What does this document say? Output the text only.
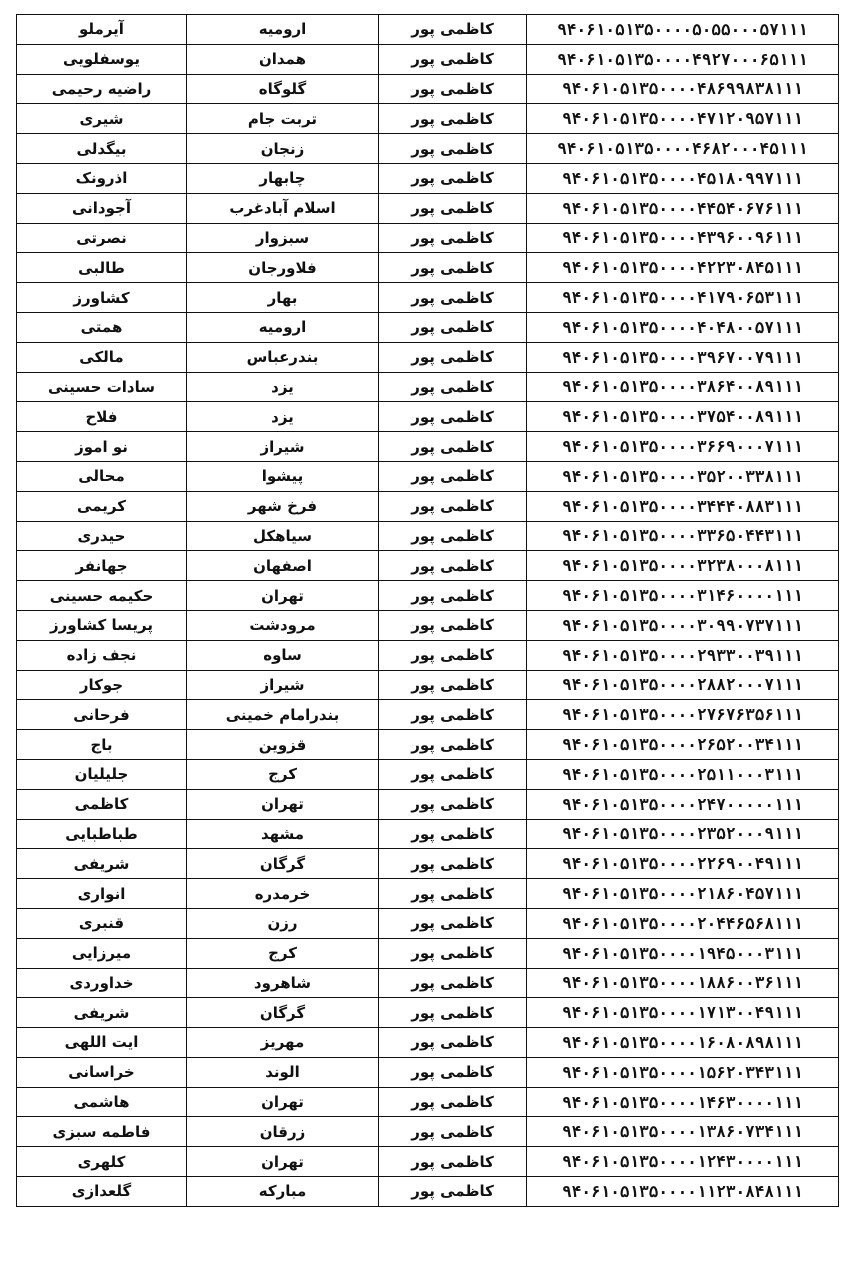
آیرملو	ارومیه	کاظمی پور	۹۴۰۶۱۰۵۱۳۵۰۰۰۰۵۰۵۵۰۰۰۵۷۱۱۱
یوسفلویی	همدان	کاظمی پور	۹۴۰۶۱۰۵۱۳۵۰۰۰۰۴۹۲۷۰۰۰۶۵۱۱۱
راضیه رحیمی	گلوگاه	کاظمی پور	۹۴۰۶۱۰۵۱۳۵۰۰۰۰۴۸۶۹۹۸۳۸۱۱۱
شیری	تربت جام	کاظمی پور	۹۴۰۶۱۰۵۱۳۵۰۰۰۰۴۷۱۲۰۹۵۷۱۱۱
بیگدلی	زنجان	کاظمی پور	۹۴۰۶۱۰۵۱۳۵۰۰۰۰۴۶۸۲۰۰۰۴۵۱۱۱
اذرونک	چابهار	کاظمی پور	۹۴۰۶۱۰۵۱۳۵۰۰۰۰۴۵۱۸۰۹۹۷۱۱۱
آجودانی	اسلام آبادغرب	کاظمی پور	۹۴۰۶۱۰۵۱۳۵۰۰۰۰۴۴۵۴۰۶۷۶۱۱۱
نصرتی	سبزوار	کاظمی پور	۹۴۰۶۱۰۵۱۳۵۰۰۰۰۴۳۹۶۰۰۹۶۱۱۱
طالبی	فلاورجان	کاظمی پور	۹۴۰۶۱۰۵۱۳۵۰۰۰۰۴۲۲۳۰۸۴۵۱۱۱
کشاورز	بهار	کاظمی پور	۹۴۰۶۱۰۵۱۳۵۰۰۰۰۴۱۷۹۰۶۵۳۱۱۱
همتی	ارومیه	کاظمی پور	۹۴۰۶۱۰۵۱۳۵۰۰۰۰۴۰۴۸۰۰۵۷۱۱۱
مالکی	بندرعباس	کاظمی پور	۹۴۰۶۱۰۵۱۳۵۰۰۰۰۳۹۶۷۰۰۷۹۱۱۱
سادات حسینی	یزد	کاظمی پور	۹۴۰۶۱۰۵۱۳۵۰۰۰۰۳۸۶۴۰۰۸۹۱۱۱
فلاح	یزد	کاظمی پور	۹۴۰۶۱۰۵۱۳۵۰۰۰۰۳۷۵۴۰۰۸۹۱۱۱
نو اموز	شیراز	کاظمی پور	۹۴۰۶۱۰۵۱۳۵۰۰۰۰۳۶۶۹۰۰۰۷۱۱۱
محالی	پیشوا	کاظمی پور	۹۴۰۶۱۰۵۱۳۵۰۰۰۰۳۵۲۰۰۳۳۸۱۱۱
کریمی	فرخ شهر	کاظمی پور	۹۴۰۶۱۰۵۱۳۵۰۰۰۰۳۴۴۴۰۸۸۳۱۱۱
حیدری	سیاهکل	کاظمی پور	۹۴۰۶۱۰۵۱۳۵۰۰۰۰۳۳۶۵۰۴۴۳۱۱۱
جهانفر	اصفهان	کاظمی پور	۹۴۰۶۱۰۵۱۳۵۰۰۰۰۳۲۳۸۰۰۰۸۱۱۱
حکیمه حسینی	تهران	کاظمی پور	۹۴۰۶۱۰۵۱۳۵۰۰۰۰۳۱۴۶۰۰۰۰۱۱۱
پریسا کشاورز	مرودشت	کاظمی پور	۹۴۰۶۱۰۵۱۳۵۰۰۰۰۳۰۹۹۰۷۳۷۱۱۱
نجف زاده	ساوه	کاظمی پور	۹۴۰۶۱۰۵۱۳۵۰۰۰۰۲۹۳۳۰۰۳۹۱۱۱
جوکار	شیراز	کاظمی پور	۹۴۰۶۱۰۵۱۳۵۰۰۰۰۲۸۸۲۰۰۰۷۱۱۱
فرحانی	بندرامام خمینی	کاظمی پور	۹۴۰۶۱۰۵۱۳۵۰۰۰۰۲۷۶۷۶۳۵۶۱۱۱
باج	قزوین	کاظمی پور	۹۴۰۶۱۰۵۱۳۵۰۰۰۰۲۶۵۲۰۰۳۴۱۱۱
جلیلیان	کرج	کاظمی پور	۹۴۰۶۱۰۵۱۳۵۰۰۰۰۲۵۱۱۰۰۰۳۱۱۱
کاظمی	تهران	کاظمی پور	۹۴۰۶۱۰۵۱۳۵۰۰۰۰۲۴۷۰۰۰۰۰۱۱۱
طباطبایی	مشهد	کاظمی پور	۹۴۰۶۱۰۵۱۳۵۰۰۰۰۲۳۵۲۰۰۰۹۱۱۱
شریفی	گرگان	کاظمی پور	۹۴۰۶۱۰۵۱۳۵۰۰۰۰۲۲۶۹۰۰۴۹۱۱۱
انواری	خرمدره	کاظمی پور	۹۴۰۶۱۰۵۱۳۵۰۰۰۰۲۱۸۶۰۴۵۷۱۱۱
قنبری	رزن	کاظمی پور	۹۴۰۶۱۰۵۱۳۵۰۰۰۰۲۰۴۴۶۵۶۸۱۱۱
میرزایی	کرج	کاظمی پور	۹۴۰۶۱۰۵۱۳۵۰۰۰۰۱۹۴۵۰۰۰۳۱۱۱
خداوردی	شاهرود	کاظمی پور	۹۴۰۶۱۰۵۱۳۵۰۰۰۰۱۸۸۶۰۰۳۶۱۱۱
شریفی	گرگان	کاظمی پور	۹۴۰۶۱۰۵۱۳۵۰۰۰۰۱۷۱۳۰۰۴۹۱۱۱
ایت اللهی	مهریز	کاظمی پور	۹۴۰۶۱۰۵۱۳۵۰۰۰۰۱۶۰۸۰۸۹۸۱۱۱
خراسانی	الوند	کاظمی پور	۹۴۰۶۱۰۵۱۳۵۰۰۰۰۱۵۶۲۰۳۴۳۱۱۱
هاشمی	تهران	کاظمی پور	۹۴۰۶۱۰۵۱۳۵۰۰۰۰۱۴۶۳۰۰۰۰۱۱۱
فاطمه سبزی	زرقان	کاظمی پور	۹۴۰۶۱۰۵۱۳۵۰۰۰۰۱۳۸۶۰۷۳۴۱۱۱
کلهری	تهران	کاظمی پور	۹۴۰۶۱۰۵۱۳۵۰۰۰۰۱۲۴۳۰۰۰۰۱۱۱
گلعدازی	مبارکه	کاظمی پور	۹۴۰۶۱۰۵۱۳۵۰۰۰۰۱۱۲۳۰۸۴۸۱۱۱
